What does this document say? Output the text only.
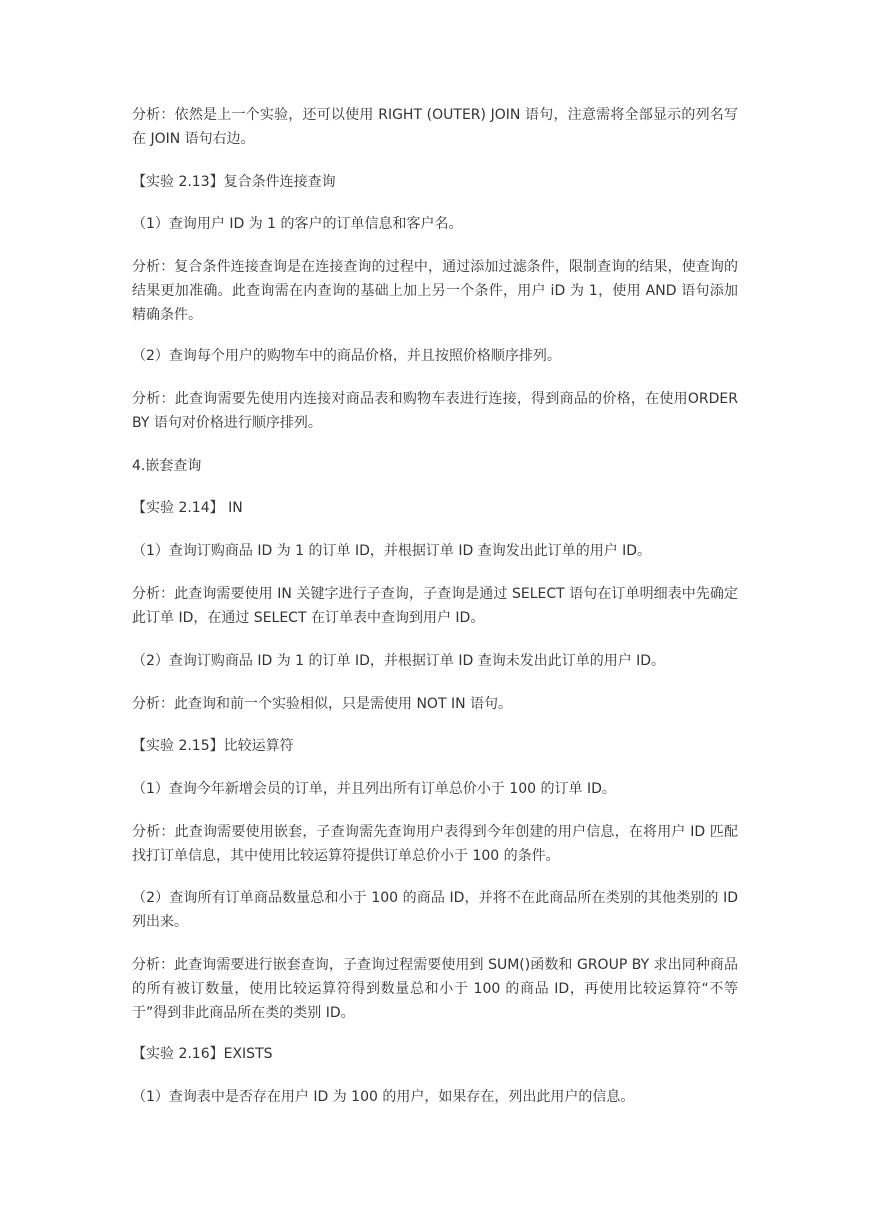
分析：依然是上一个实验，还可以使用 RIGHT (OUTER) JOIN 语句，注意需将全部显示的列名写在 JOIN 语句右边。

【实验 2.13】复合条件连接查询

（1）查询用户 ID 为 1 的客户的订单信息和客户名。

分析：复合条件连接查询是在连接查询的过程中，通过添加过滤条件，限制查询的结果，使查询的结果更加准确。此查询需在内查询的基础上加上另一个条件，用户 iD 为 1，使用 AND 语句添加精确条件。

（2）查询每个用户的购物车中的商品价格，并且按照价格顺序排列。

分析：此查询需要先使用内连接对商品表和购物车表进行连接，得到商品的价格，在使用ORDER BY 语句对价格进行顺序排列。

4.嵌套查询

【实验 2.14】 IN

（1）查询订购商品 ID 为 1 的订单 ID，并根据订单 ID 查询发出此订单的用户 ID。

分析：此查询需要使用 IN 关键字进行子查询，子查询是通过 SELECT 语句在订单明细表中先确定此订单 ID，在通过 SELECT 在订单表中查询到用户 ID。

（2）查询订购商品 ID 为 1 的订单 ID，并根据订单 ID 查询未发出此订单的用户 ID。

分析：此查询和前一个实验相似，只是需使用 NOT IN 语句。

【实验 2.15】比较运算符

（1）查询今年新增会员的订单，并且列出所有订单总价小于 100 的订单 ID。

分析：此查询需要使用嵌套，子查询需先查询用户表得到今年创建的用户信息，在将用户 ID 匹配找打订单信息，其中使用比较运算符提供订单总价小于 100 的条件。

（2）查询所有订单商品数量总和小于 100 的商品 ID，并将不在此商品所在类别的其他类别的 ID 列出来。

分析：此查询需要进行嵌套查询，子查询过程需要使用到 SUM()函数和 GROUP BY 求出同种商品的所有被订数量，使用比较运算符得到数量总和小于 100 的商品 ID，再使用比较运算符“不等于”得到非此商品所在类的类别 ID。

【实验 2.16】EXISTS

（1）查询表中是否存在用户 ID 为 100 的用户，如果存在，列出此用户的信息。
